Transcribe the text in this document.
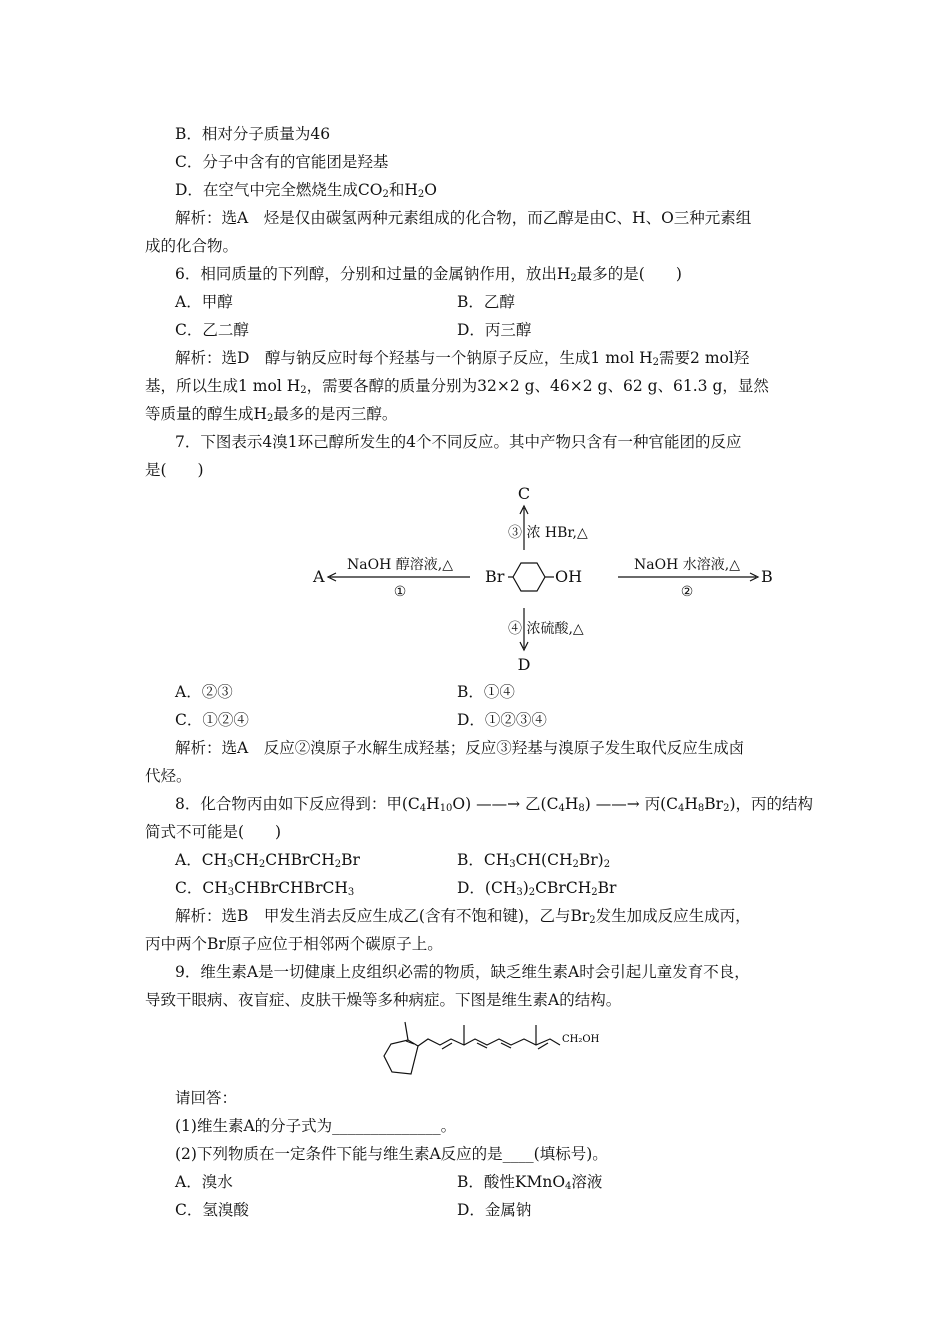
B．相对分子质量为46
C．分子中含有的官能团是羟基
D．在空气中完全燃烧生成$CO_2$和$H_2O$
解析：选A　烃是仅由碳氢两种元素组成的化合物，而乙醇是由C、H、O三种元素组
成的化合物。
6．相同质量的下列醇，分别和过量的金属钠作用，放出$H_2$最多的是(　　)
A．甲醇	B．乙醇
C．乙二醇	D．丙三醇
解析：选D　醇与钠反应时每个羟基与一个钠原子反应，生成1 mol $H_2$需要2 mol羟
基，所以生成1 mol $H_2$，需要各醇的质量分别为32×2 g、46×2 g、62 g、61.3 g，显然
等质量的醇生成$H_2$最多的是丙三醇。
7．下图表示4溴1环己醇所发生的4个不同反应。其中产物只含有一种官能团的反应
是(　　)
C
③ 浓 HBr,△
A
NaOH 醇溶液,△
①
Br	OH
NaOH 水溶液,△
②
B
④ 浓硫酸,△
D
A．②③	B．①④
C．①②④	D．①②③④
解析：选A　反应②溴原子水解生成羟基；反应③羟基与溴原子发生取代反应生成卤
代烃。
8．化合物丙由如下反应得到：甲$(C_4H_{10}O)$ ——→ 乙$(C_4H_8)$ ——→ 丙$(C_4H_8Br_2)$，丙的结构
简式不可能是(　　)
A．$CH_3CH_2CHBrCH_2Br$	B．$CH_3CH(CH_2Br)_2$
C．$CH_3CHBrCHBrCH_3$	D．$(CH_3)_2CBrCH_2Br$
解析：选B　甲发生消去反应生成乙(含有不饱和键)，乙与$Br_2$发生加成反应生成丙，
丙中两个Br原子应位于相邻两个碳原子上。
9．维生素A是一切健康上皮组织必需的物质，缺乏维生素A时会引起儿童发育不良，
导致干眼病、夜盲症、皮肤干燥等多种病症。下图是维生素A的结构。
CH₂OH
请回答：
(1)维生素A的分子式为______________。
(2)下列物质在一定条件下能与维生素A反应的是____(填标号)。
A．溴水	B．酸性KMnO$_4$溶液
C．氢溴酸	D．金属钠
